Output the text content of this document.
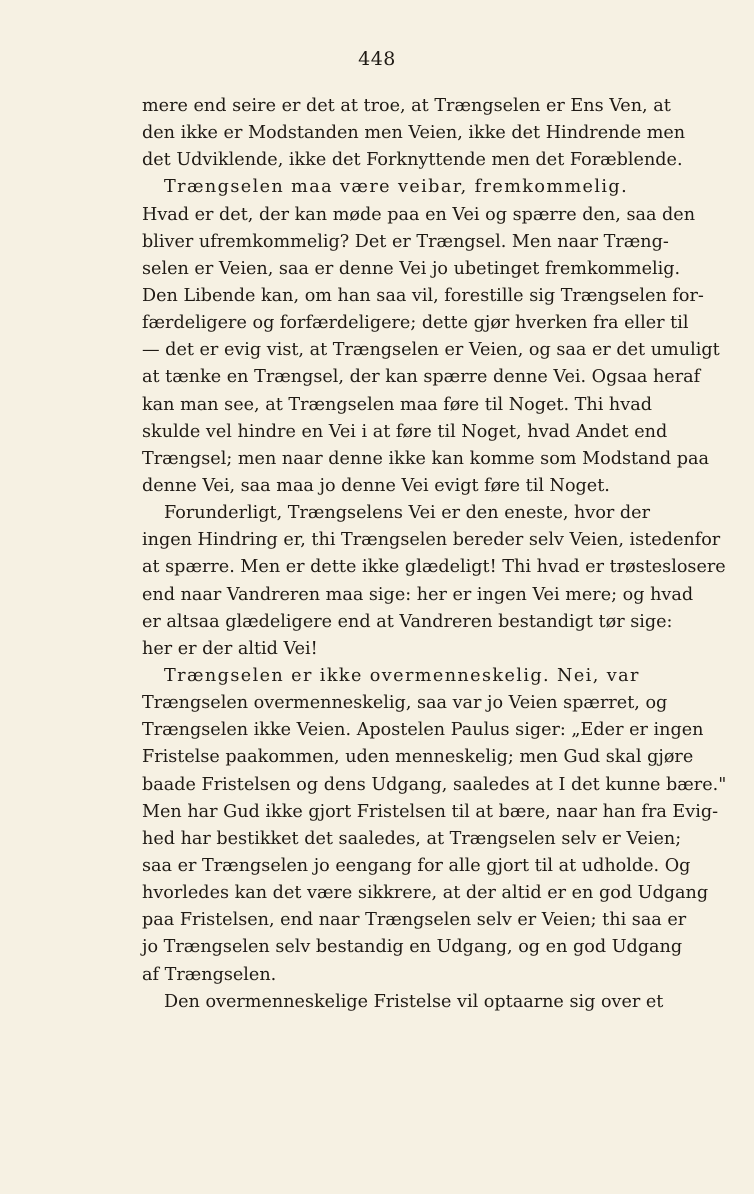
448
mere end seire er det at troe, at Trængselen er Ens Ven, at
den ikke er Modstanden men Veien, ikke det Hindrende men
det Udviklende, ikke det Forknyttende men det Foræblende.
Trængselen maa være veibar, fremkommelig.
Hvad er det, der kan møde paa en Vei og spærre den, saa den
bliver ufremkommelig? Det er Trængsel. Men naar Træng-
selen er Veien, saa er denne Vei jo ubetinget fremkommelig.
Den Libende kan, om han saa vil, forestille sig Trængselen for-
færdeligere og forfærdeligere; dette gjør hverken fra eller til
— det er evig vist, at Trængselen er Veien, og saa er det umuligt
at tænke en Trængsel, der kan spærre denne Vei. Ogsaa heraf
kan man see, at Trængselen maa føre til Noget. Thi hvad
skulde vel hindre en Vei i at føre til Noget, hvad Andet end
Trængsel; men naar denne ikke kan komme som Modstand paa
denne Vei, saa maa jo denne Vei evigt føre til Noget.
Forunderligt, Trængselens Vei er den eneste, hvor der
ingen Hindring er, thi Trængselen bereder selv Veien, istedenfor
at spærre. Men er dette ikke glædeligt! Thi hvad er trøsteslosere
end naar Vandreren maa sige: her er ingen Vei mere; og hvad
er altsaa glædeligere end at Vandreren bestandigt tør sige:
her er der altid Vei!
Trængselen er ikke overmenneskelig. Nei, var
Trængselen overmenneskelig, saa var jo Veien spærret, og
Trængselen ikke Veien. Apostelen Paulus siger: „Eder er ingen
Fristelse paakommen, uden menneskelig; men Gud skal gjøre
baade Fristelsen og dens Udgang, saaledes at I det kunne bære."
Men har Gud ikke gjort Fristelsen til at bære, naar han fra Evig-
hed har bestikket det saaledes, at Trængselen selv er Veien;
saa er Trængselen jo eengang for alle gjort til at udholde. Og
hvorledes kan det være sikkrere, at der altid er en god Udgang
paa Fristelsen, end naar Trængselen selv er Veien; thi saa er
jo Trængselen selv bestandig en Udgang, og en god Udgang
af Trængselen.
Den overmenneskelige Fristelse vil optaarne sig over et
